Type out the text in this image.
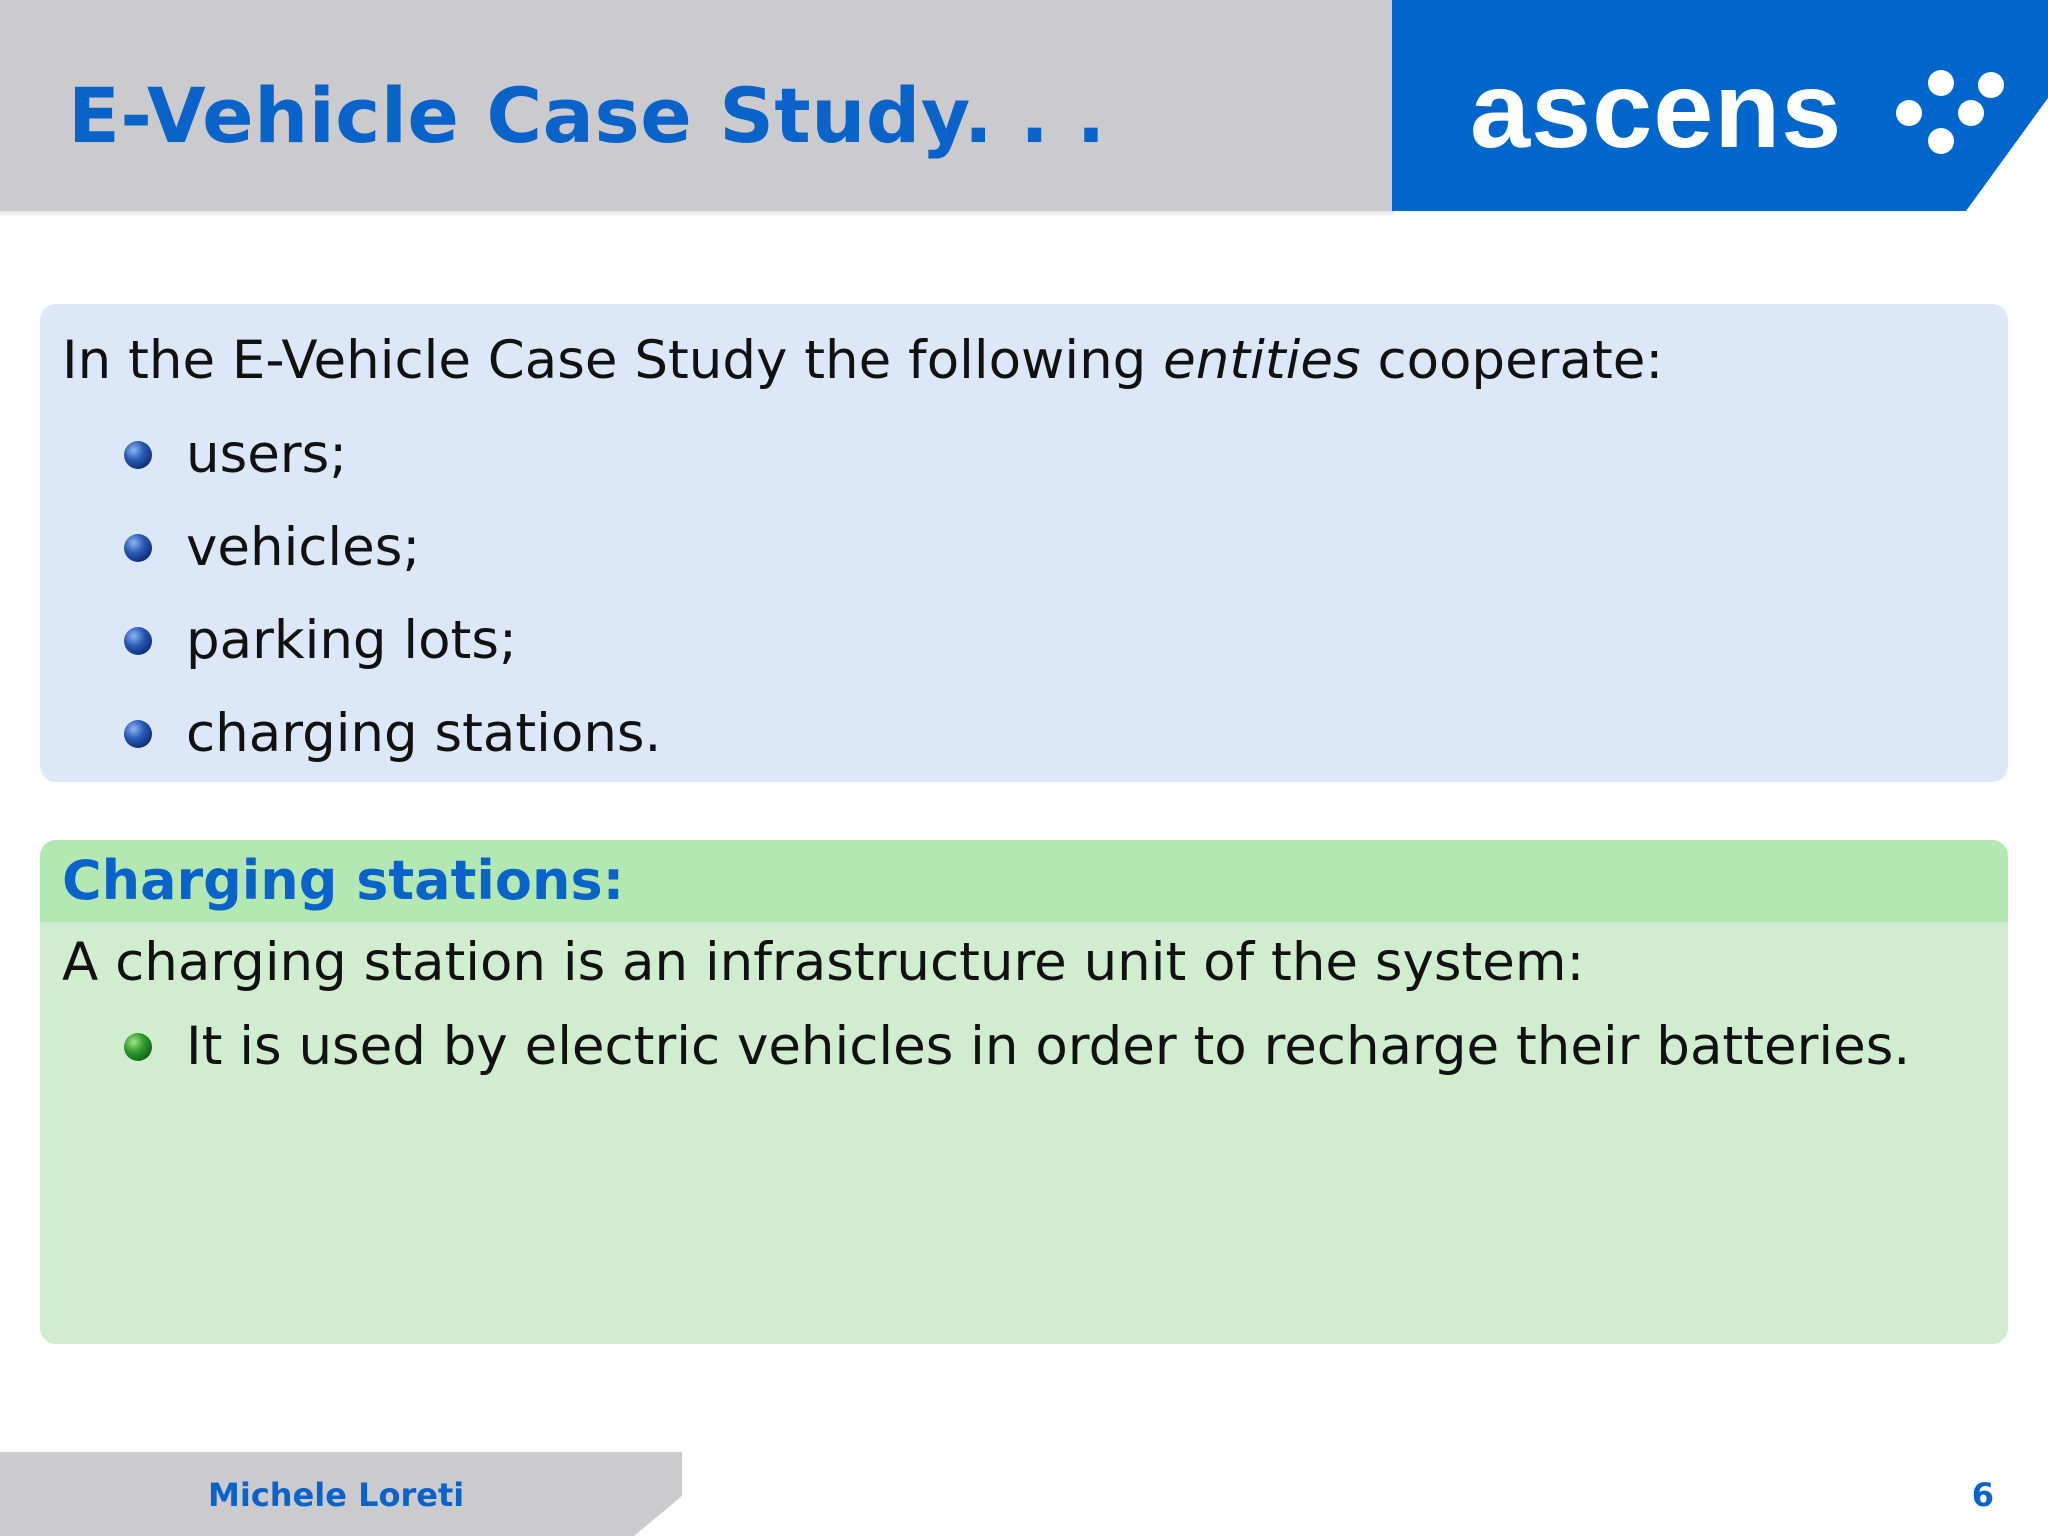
E-Vehicle Case Study. . .	ascens

In the E-Vehicle Case Study the following entities cooperate:

users;
vehicles;
parking lots;
charging stations.
Charging stations:

A charging station is an infrastructure unit of the system:

It is used by electric vehicles in order to recharge their batteries.
Michele Loreti	6
